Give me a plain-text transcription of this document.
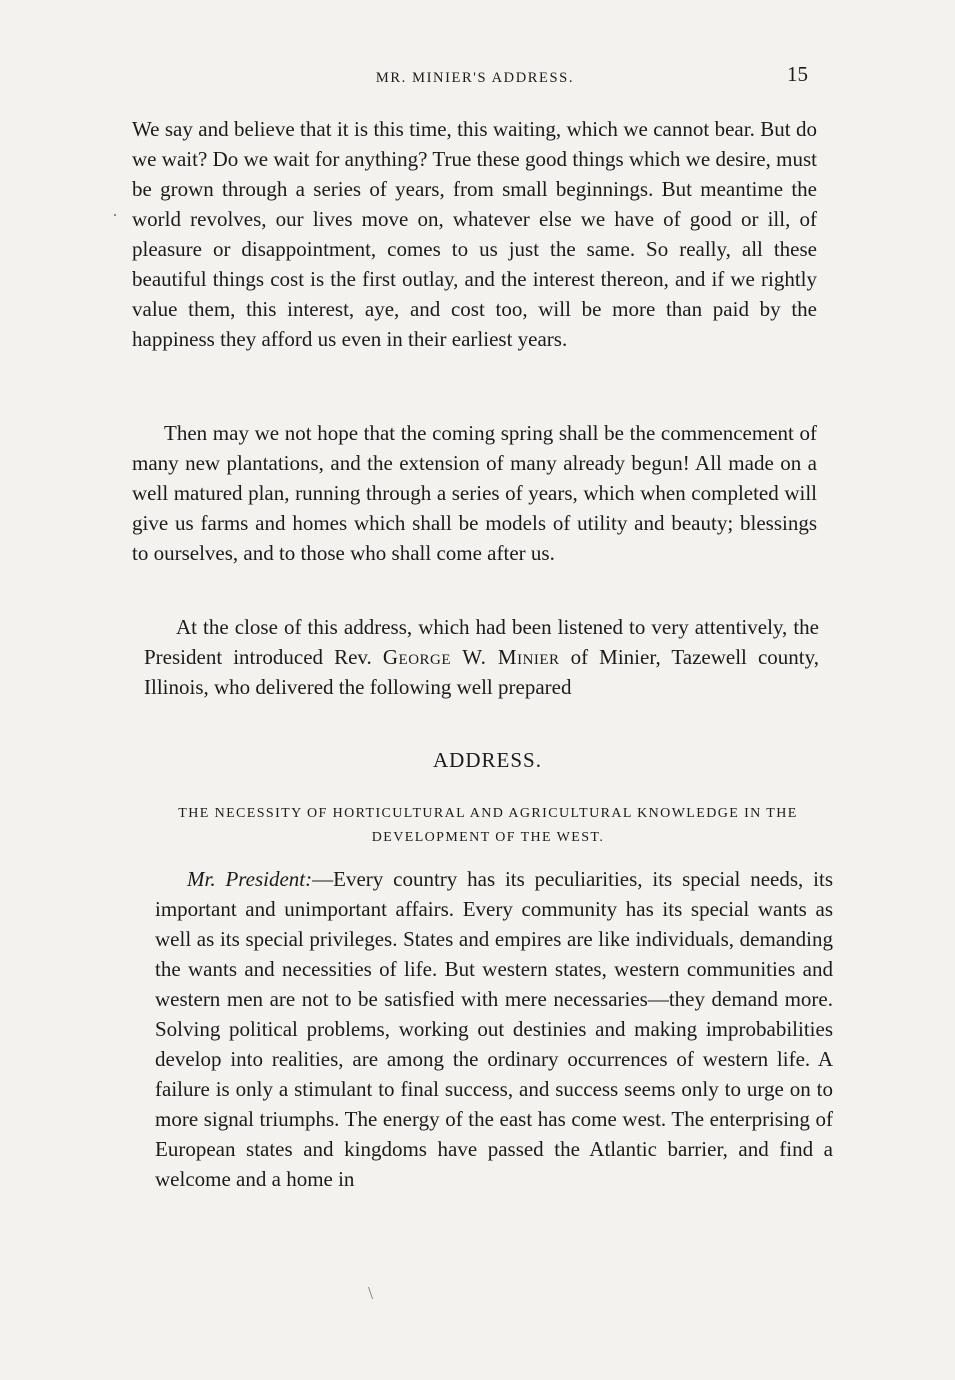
MR. MINIER'S ADDRESS.	15

We say and believe that it is this time, this waiting, which we cannot bear. But do we wait? Do we wait for anything? True these good things which we desire, must be grown through a series of years, from small beginnings. But meantime the world revolves, our lives move on, whatever else we have of good or ill, of pleasure or disappointment, comes to us just the same. So really, all these beautiful things cost is the first outlay, and the interest thereon, and if we rightly value them, this interest, aye, and cost too, will be more than paid by the happiness they afford us even in their earliest years.

Then may we not hope that the coming spring shall be the commencement of many new plantations, and the extension of many already begun! All made on a well matured plan, running through a series of years, which when completed will give us farms and homes which shall be models of utility and beauty; blessings to ourselves, and to those who shall come after us.

At the close of this address, which had been listened to very attentively, the President introduced Rev. George W. Minier of Minier, Tazewell county, Illinois, who delivered the following well prepared

ADDRESS.
THE NECESSITY OF HORTICULTURAL AND AGRICULTURAL KNOWLEDGE IN THE DEVELOPMENT OF THE WEST.

Mr. President:—Every country has its peculiarities, its special needs, its important and unimportant affairs. Every community has its special wants as well as its special privileges. States and empires are like individuals, demanding the wants and necessities of life. But western states, western communities and western men are not to be satisfied with mere necessaries—they demand more. Solving political problems, working out destinies and making improbabilities develop into realities, are among the ordinary occurrences of western life. A failure is only a stimulant to final success, and success seems only to urge on to more signal triumphs. The energy of the east has come west. The enterprising of European states and kingdoms have passed the Atlantic barrier, and find a welcome and a home in

·
\
